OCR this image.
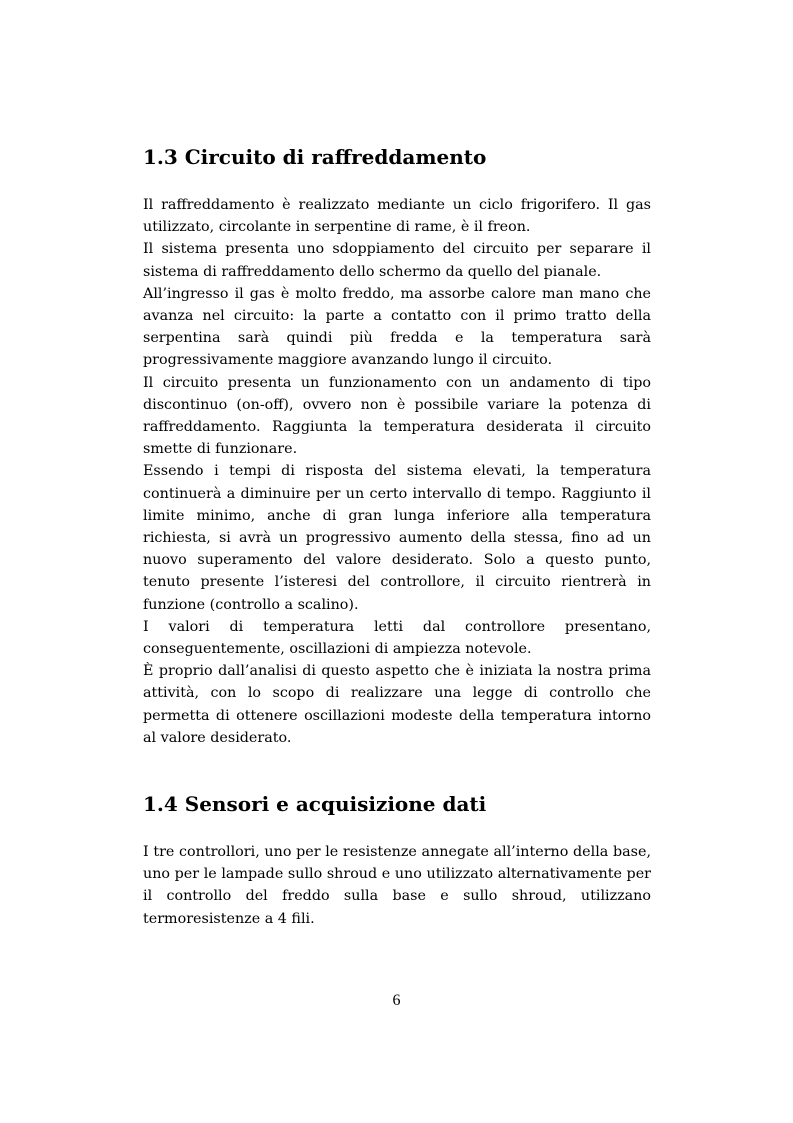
1.3 Circuito di raffreddamento

Il raffreddamento è realizzato mediante un ciclo frigorifero. Il gas utilizzato, circolante in serpentine di rame, è il freon.

Il sistema presenta uno sdoppiamento del circuito per separare il sistema di raffreddamento dello schermo da quello del pianale.

All’ingresso il gas è molto freddo, ma assorbe calore man mano che avanza nel circuito: la parte a contatto con il primo tratto della serpentina sarà quindi più fredda e la temperatura sarà progressivamente maggiore avanzando lungo il circuito.

Il circuito presenta un funzionamento con un andamento di tipo discontinuo (on-off), ovvero non è possibile variare la potenza di raffreddamento. Raggiunta la temperatura desiderata il circuito smette di funzionare.

Essendo i tempi di risposta del sistema elevati, la temperatura continuerà a diminuire per un certo intervallo di tempo. Raggiunto il limite minimo, anche di gran lunga inferiore alla temperatura richiesta, si avrà un progressivo aumento della stessa, fino ad un nuovo superamento del valore desiderato. Solo a questo punto, tenuto presente l’isteresi del controllore, il circuito rientrerà in funzione (controllo a scalino).

I valori di temperatura letti dal controllore presentano, conseguentemente, oscillazioni di ampiezza notevole.

È proprio dall’analisi di questo aspetto che è iniziata la nostra prima attività, con lo scopo di realizzare una legge di controllo che permetta di ottenere oscillazioni modeste della temperatura intorno al valore desiderato.

1.4 Sensori e acquisizione dati

I tre controllori, uno per le resistenze annegate all’interno della base, uno per le lampade sullo shroud e uno utilizzato alternativamente per il controllo del freddo sulla base e sullo shroud, utilizzano termoresistenze a 4 fili.

6
